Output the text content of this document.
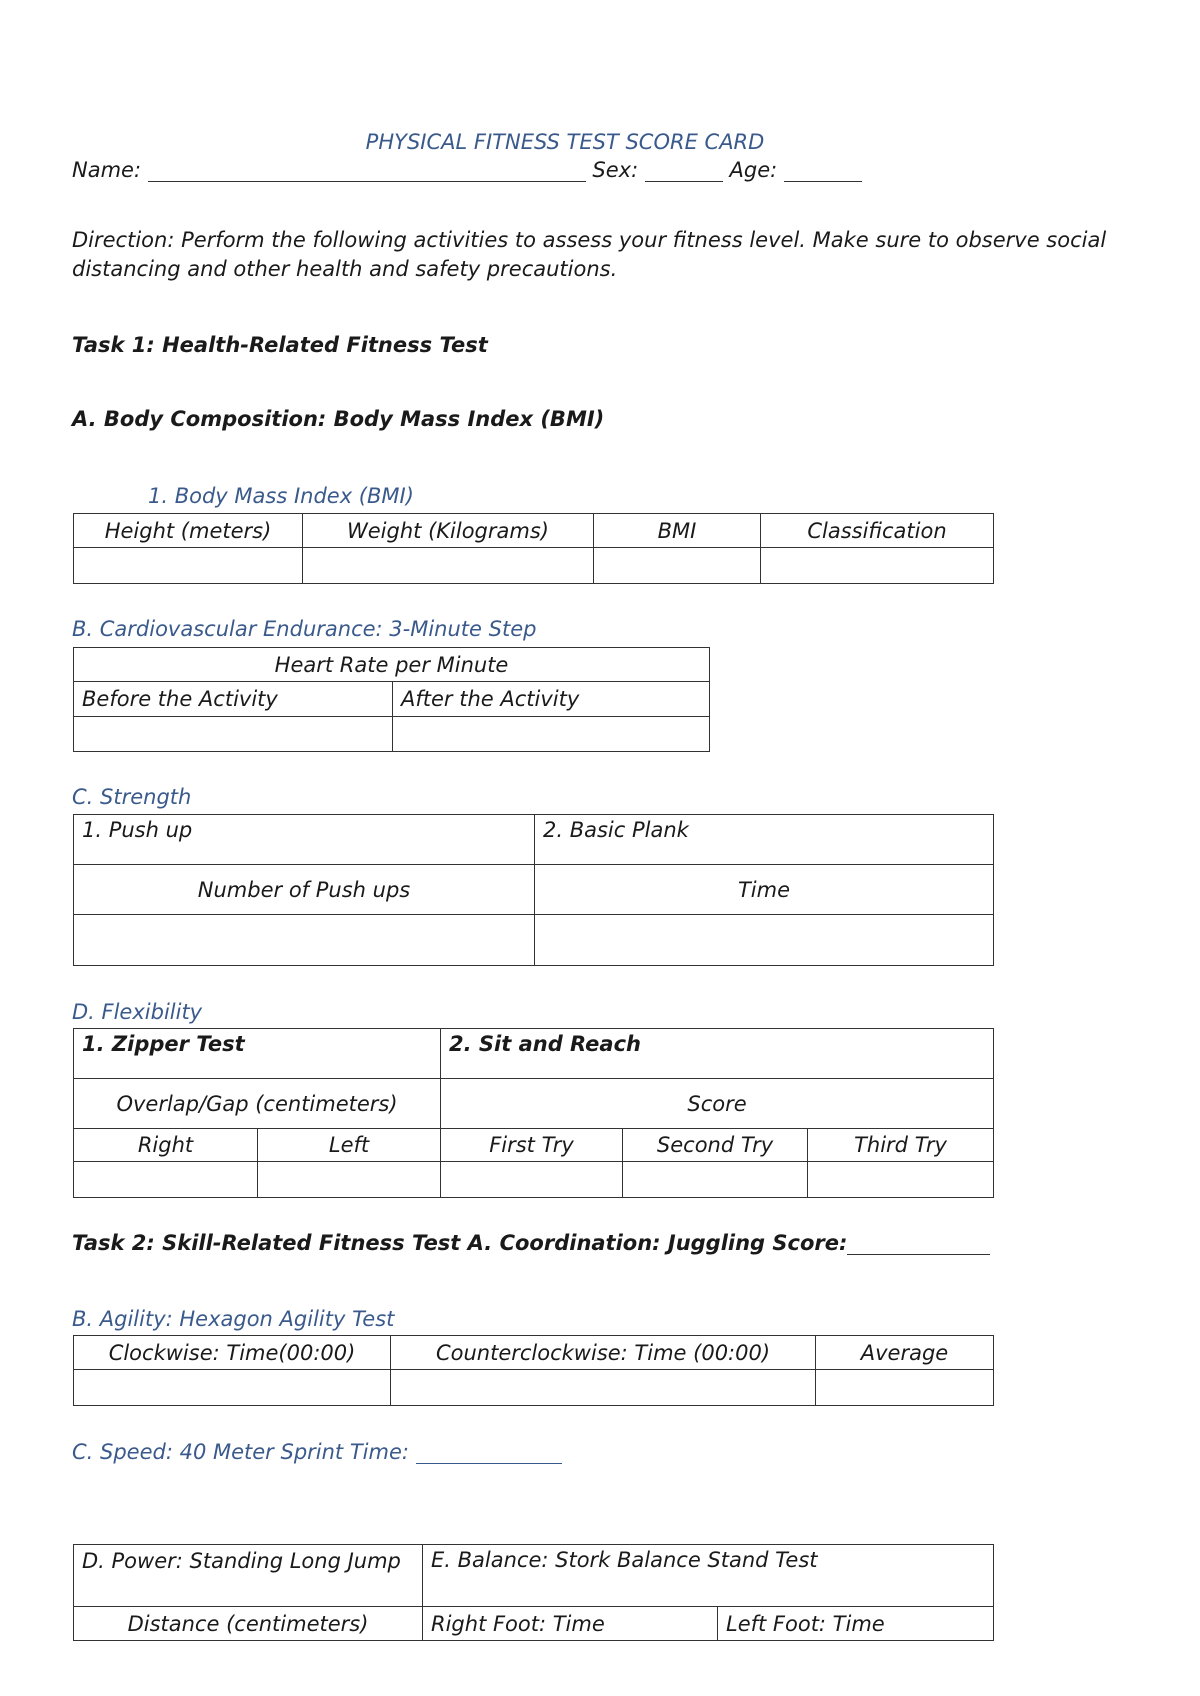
PHYSICAL FITNESS TEST SCORE CARD
Name:	Sex:	Age:
Direction: Perform the following activities to assess your fitness level. Make sure to observe social distancing and other health and safety precautions.
Task 1: Health-Related Fitness Test
A. Body Composition: Body Mass Index (BMI)
1. Body Mass Index (BMI)
Height (meters)	Weight (Kilograms)	BMI	Classification

B. Cardiovascular Endurance: 3-Minute Step
Heart Rate per Minute	
Before the Activity	After the Activity

C. Strength
1. Push up	2. Basic Plank
Number of Push ups	Time

D. Flexibility
1. Zipper Test		2. Sit and Reach		
Overlap/Gap (centimeters)		Score		
Right	Left	First Try	Second Try	Third Try

Task 2: Skill-Related Fitness Test A. Coordination: Juggling Score:
B. Agility: Hexagon Agility Test
Clockwise: Time(00:00)	Counterclockwise: Time (00:00)	Average

C. Speed: 40 Meter Sprint Time:
D. Power: Standing Long Jump	E. Balance: Stork Balance Stand Test	
Distance (centimeters)	Right Foot: Time	Left Foot: Time
